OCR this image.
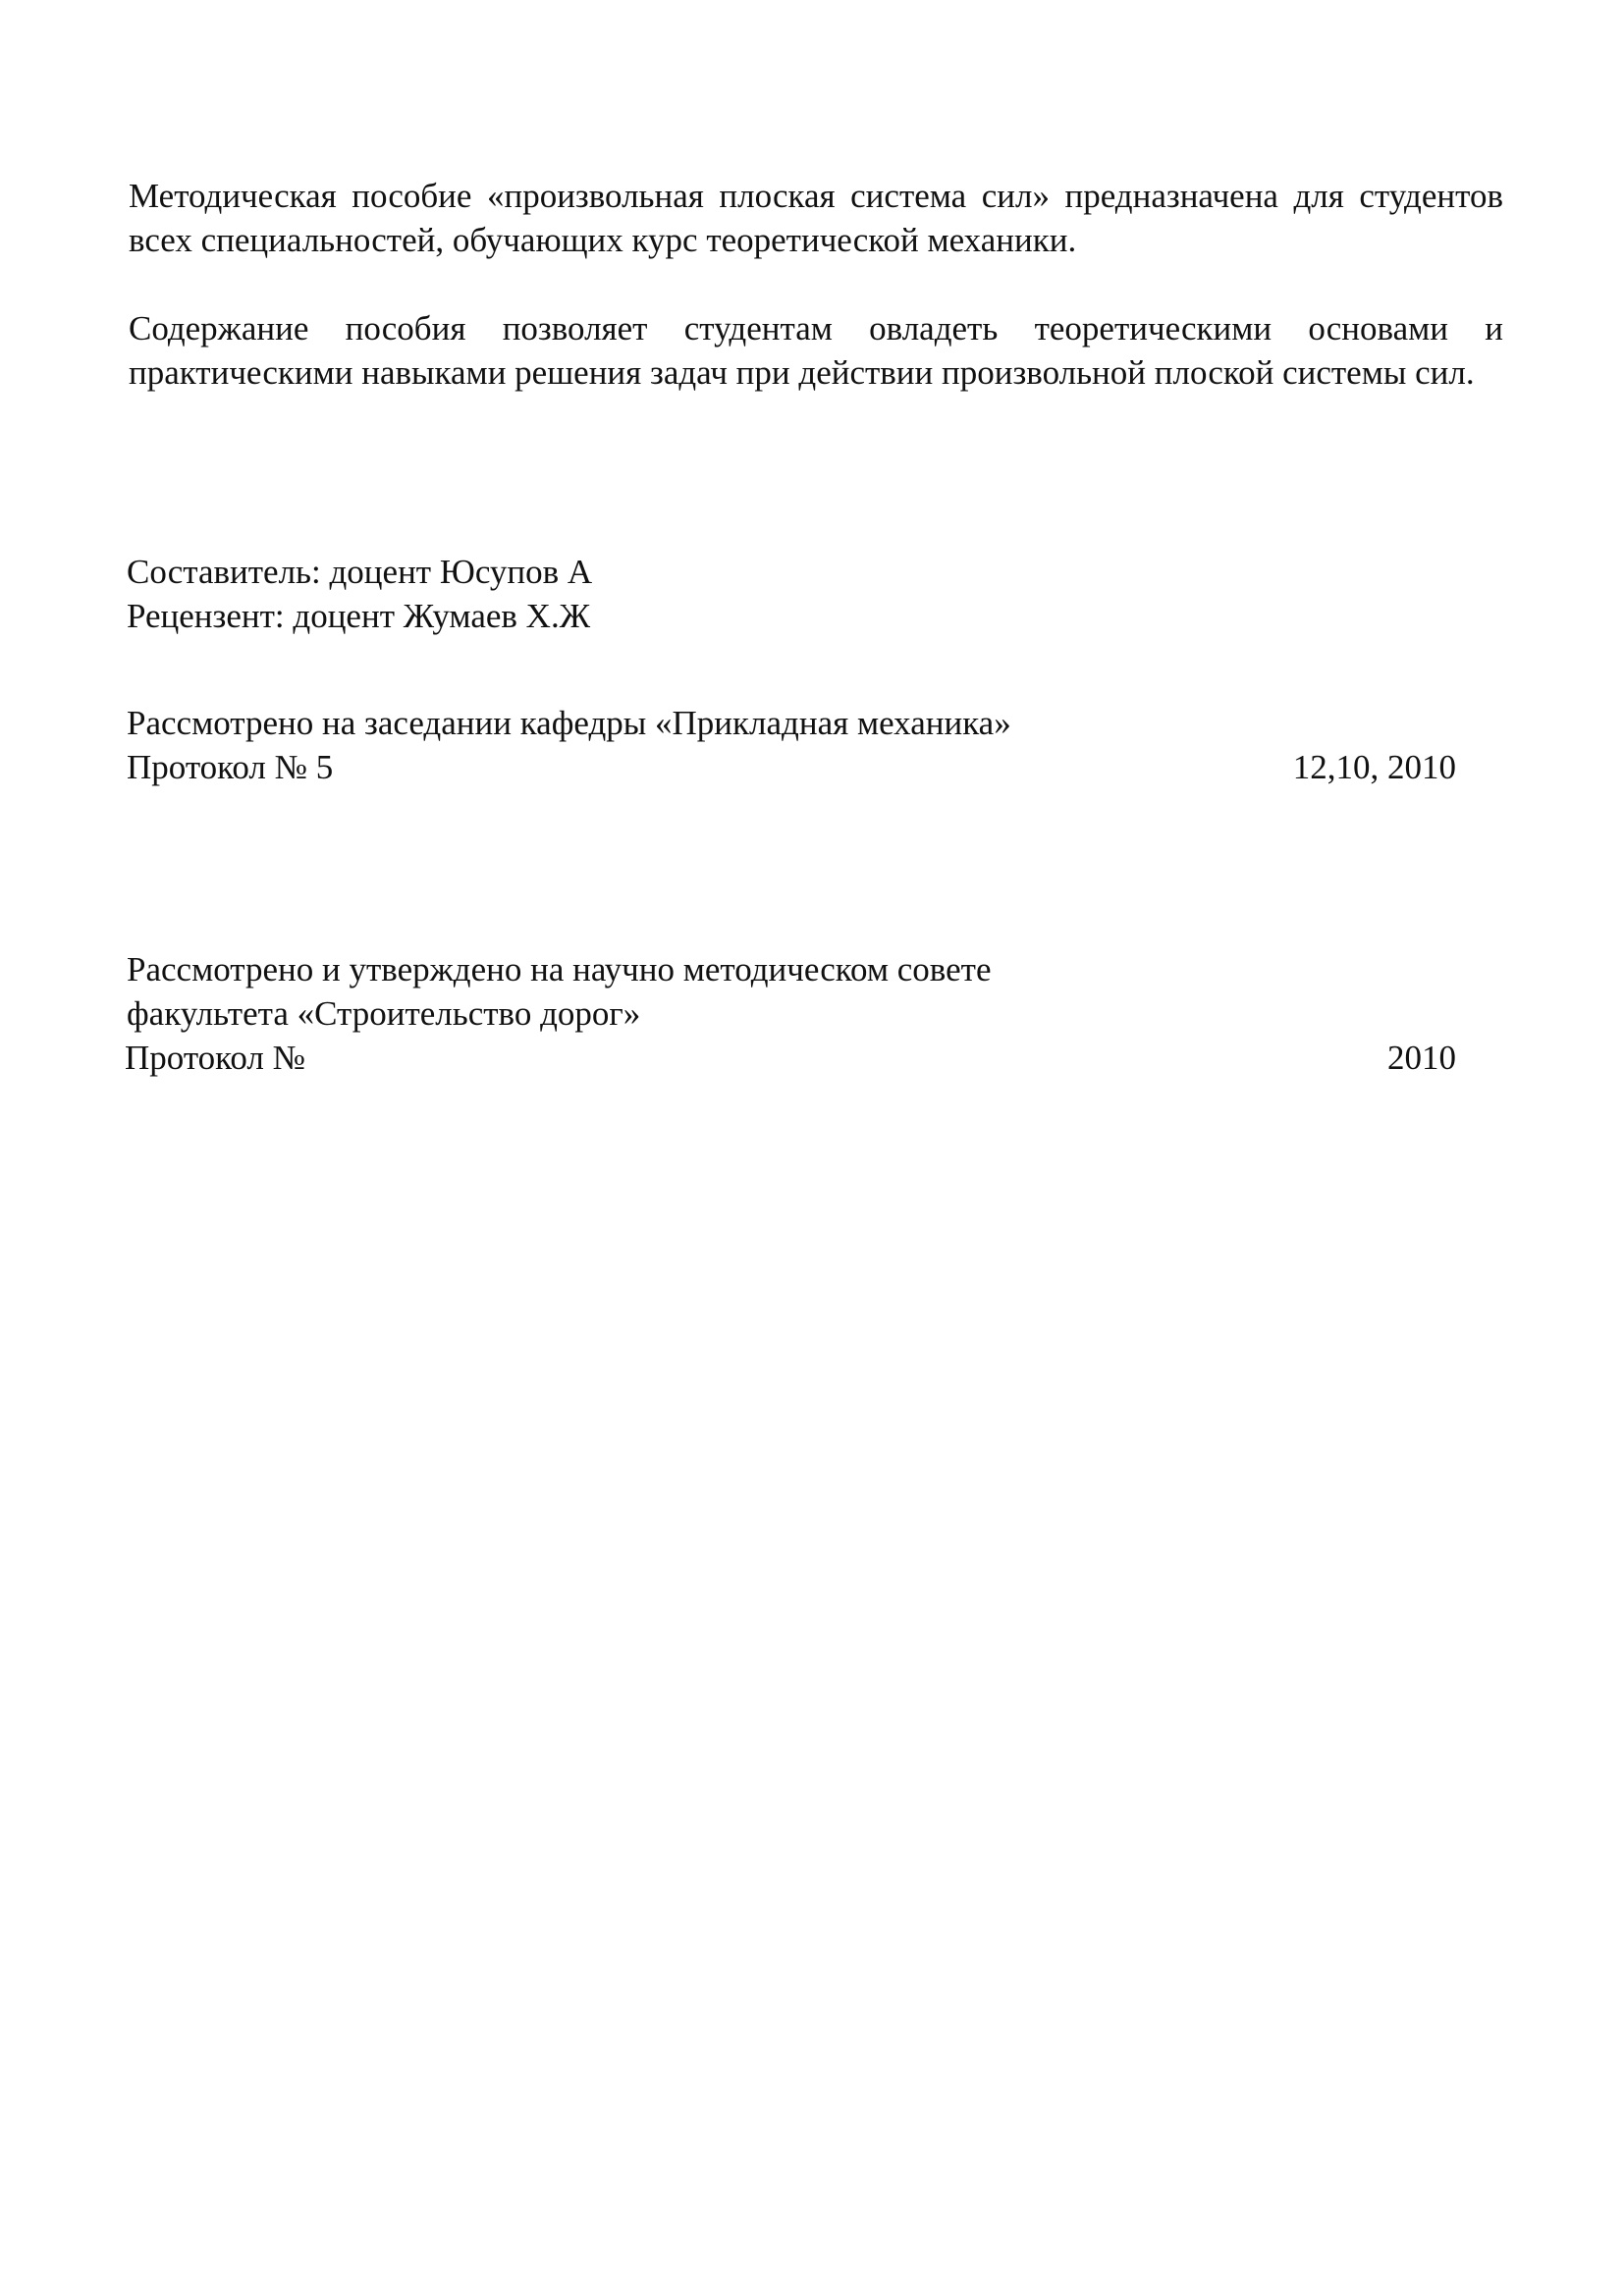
Методическая пособие «произвольная плоская система сил» предназначена для студентов всех специальностей, обучающих курс теоретической механики.

Содержание пособия позволяет студентам овладеть теоретическими основами и практическими навыками решения задач при действии произвольной плоской системы сил.

Составитель: доцент Юсупов А
Рецензент: доцент Жумаев Х.Ж
Рассмотрено на заседании кафедры «Прикладная механика»
Протокол № 5	12,10, 2010
Рассмотрено и утверждено на научно методическом совете
факультета «Строительство дорог»
Протокол №	2010
